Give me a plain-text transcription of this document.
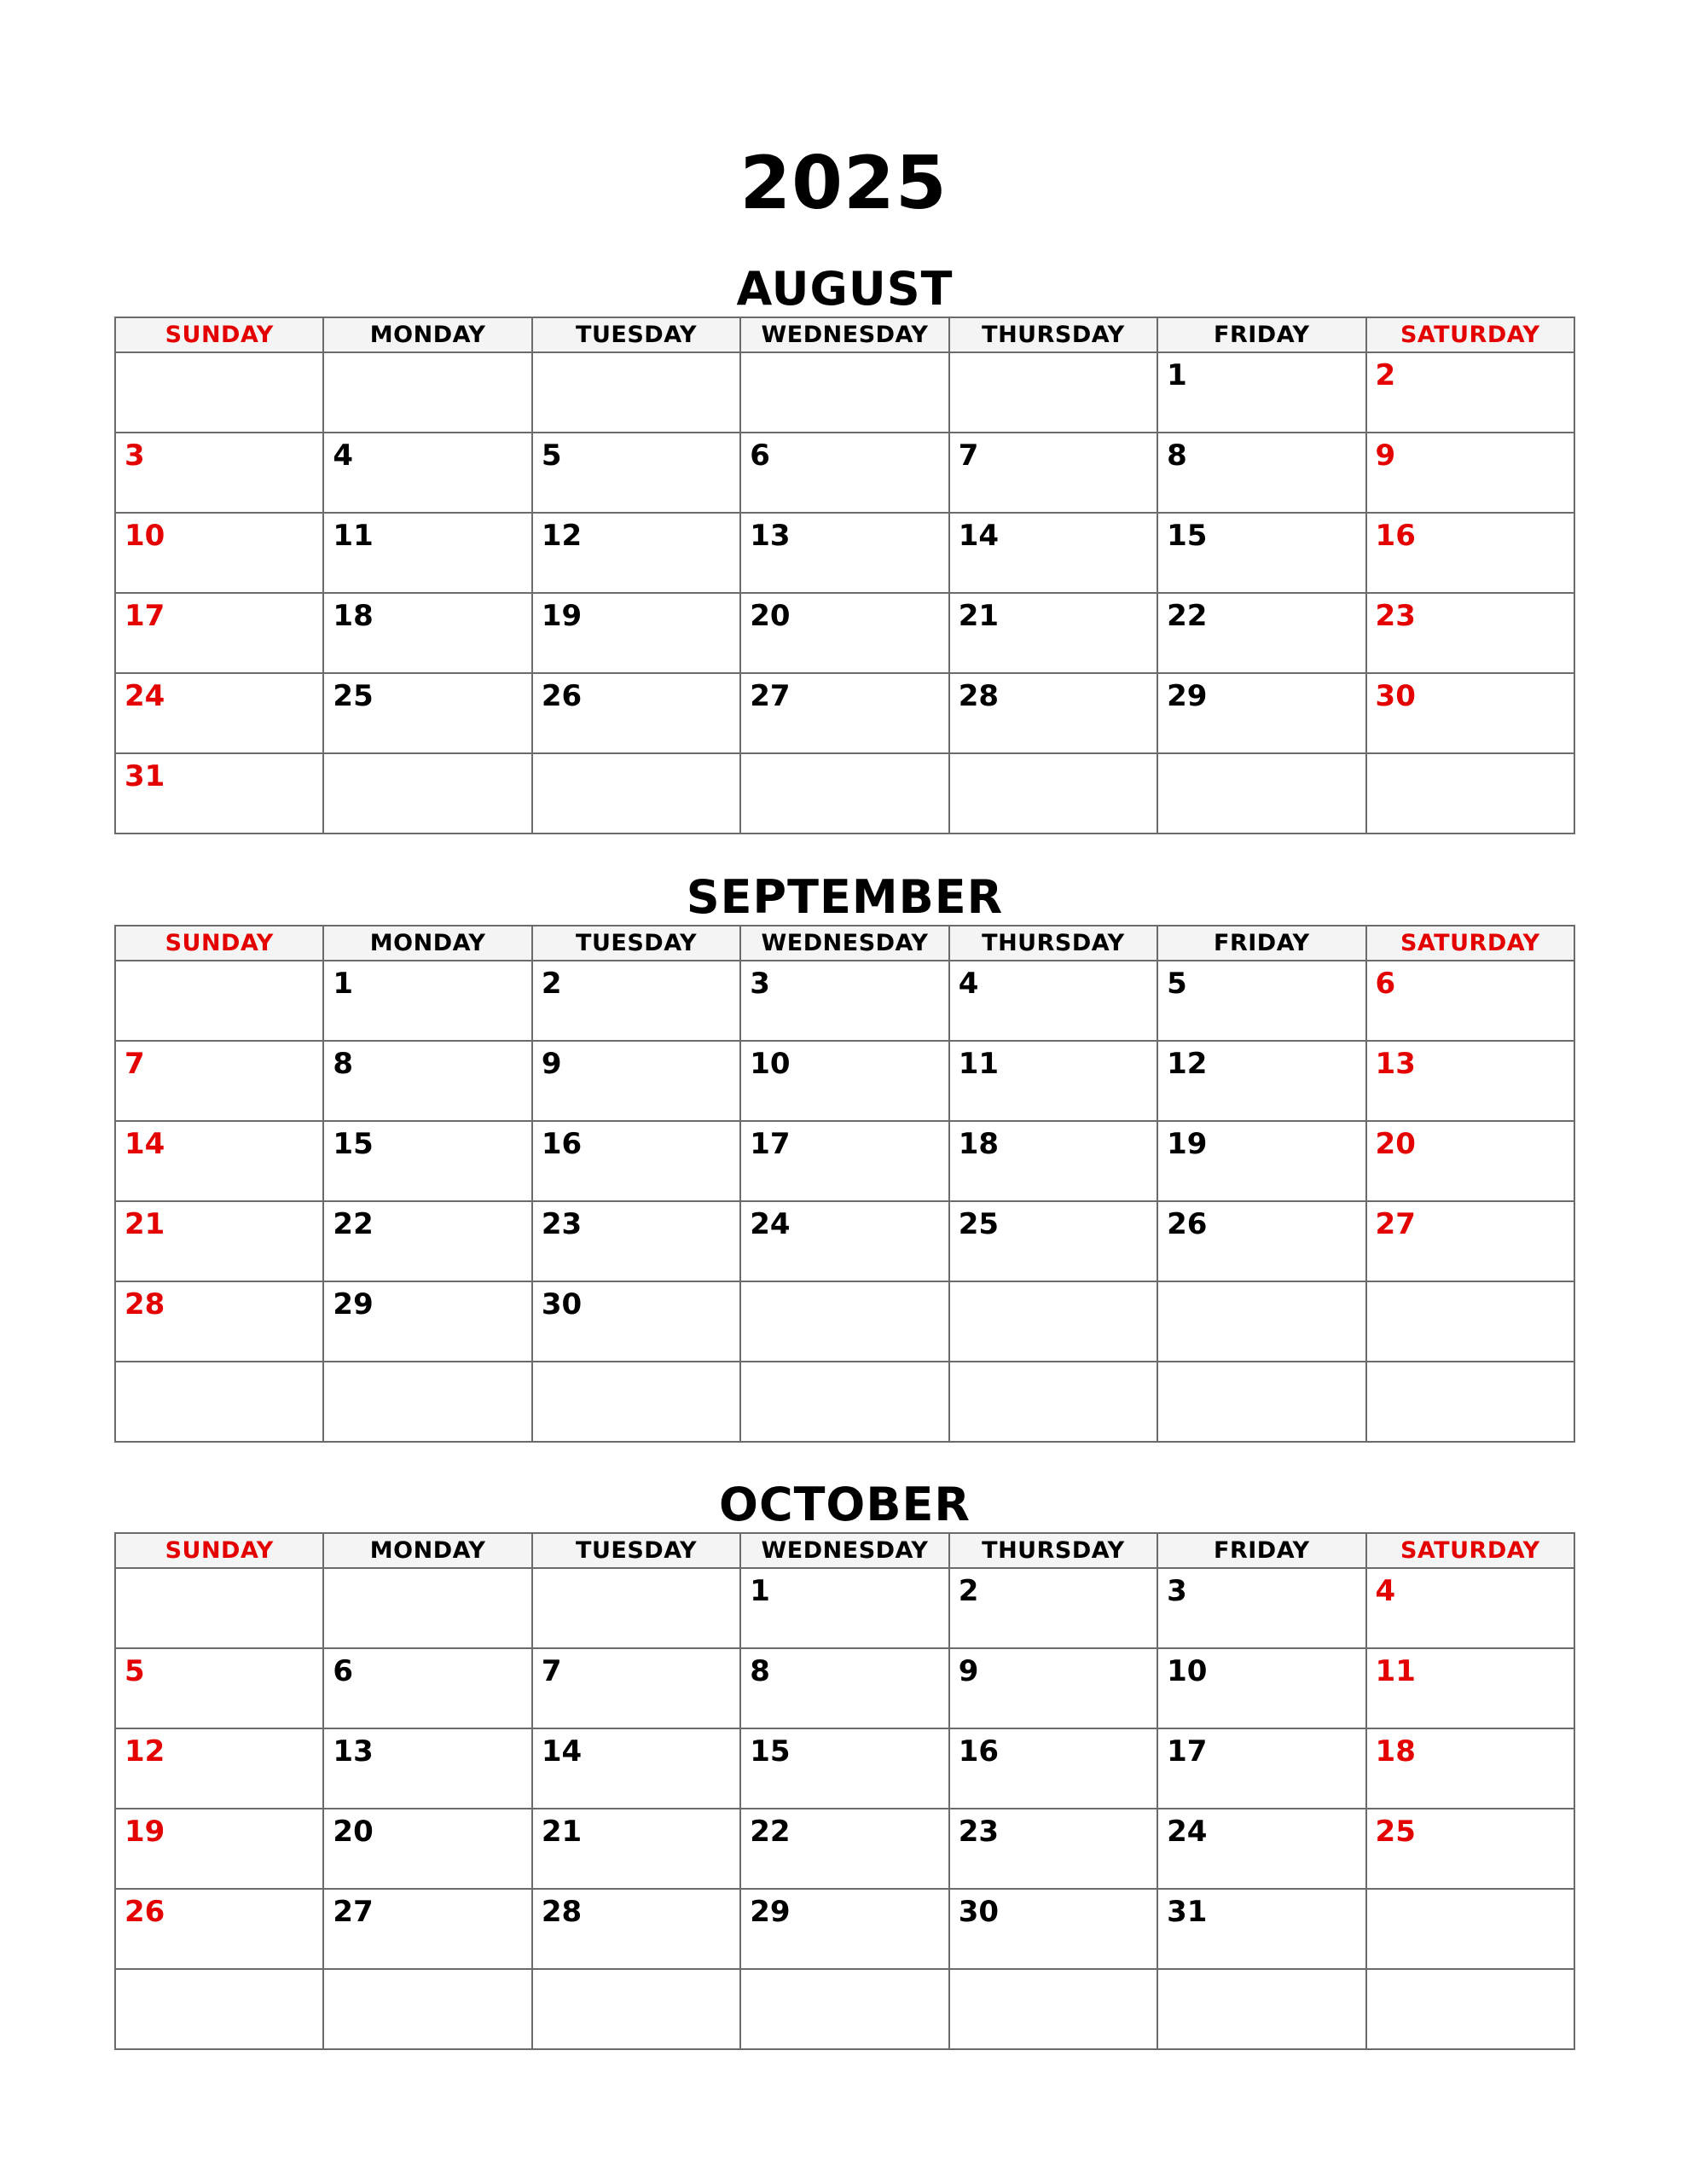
2025
AUGUST
SUNDAY	MONDAY	TUESDAY	WEDNESDAY	THURSDAY	FRIDAY	SATURDAY

					1	2

3	4	5	6	7	8	9

10	11	12	13	14	15	16

17	18	19	20	21	22	23

24	25	26	27	28	29	30

31						

SEPTEMBER
SUNDAY	MONDAY	TUESDAY	WEDNESDAY	THURSDAY	FRIDAY	SATURDAY

	1	2	3	4	5	6

7	8	9	10	11	12	13

14	15	16	17	18	19	20

21	22	23	24	25	26	27

28	29	30				

OCTOBER
SUNDAY	MONDAY	TUESDAY	WEDNESDAY	THURSDAY	FRIDAY	SATURDAY

			1	2	3	4

5	6	7	8	9	10	11

12	13	14	15	16	17	18

19	20	21	22	23	24	25

26	27	28	29	30	31	
